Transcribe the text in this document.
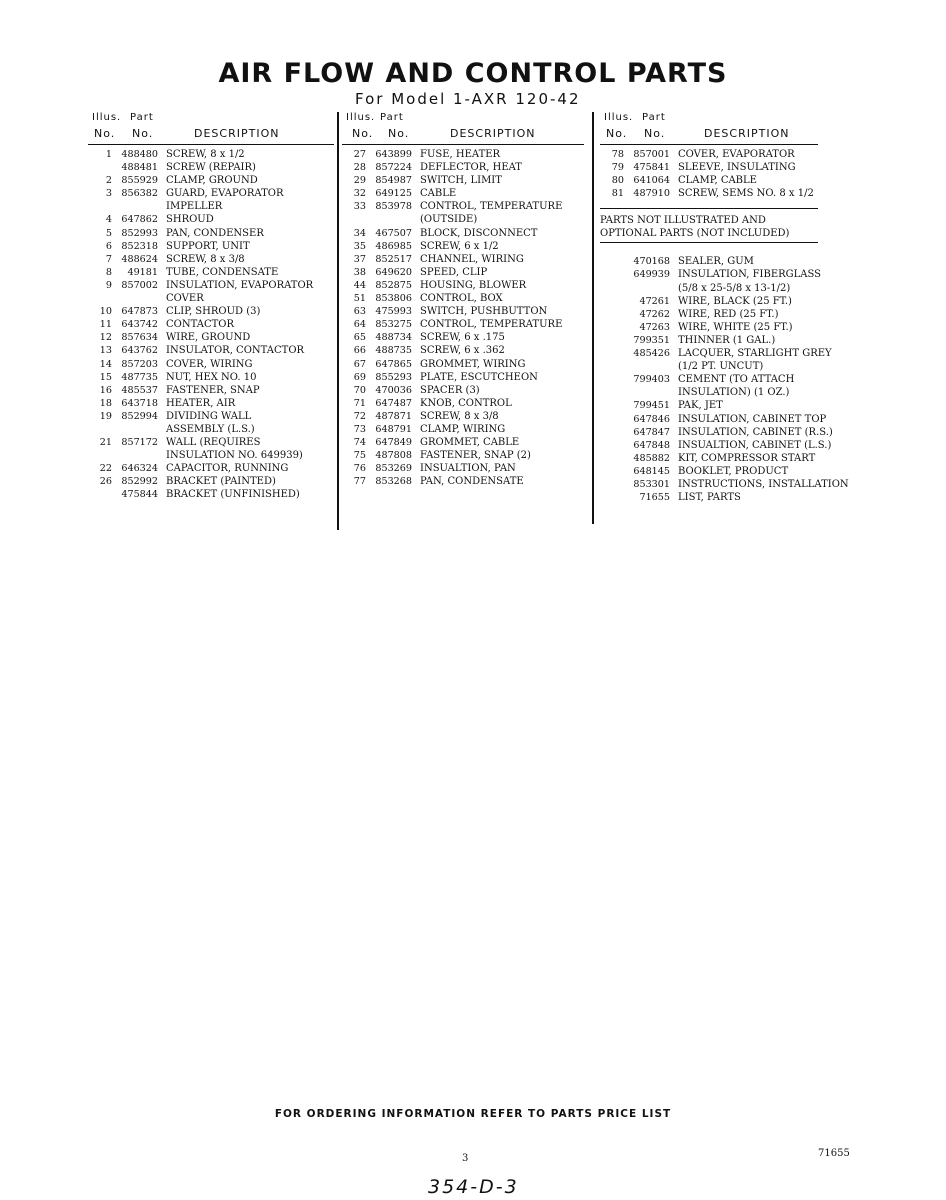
AIR FLOW AND CONTROL PARTS
For Model 1-AXR 120-42
Illus. Part
No. No.	DESCRIPTION
1 488480 SCREW, 8 x 1/2
488481 SCREW (REPAIR)
2 855929 CLAMP, GROUND
3 856382 GUARD, EVAPORATOR
IMPELLER
4 647862 SHROUD
5 852993 PAN, CONDENSER
6 852318 SUPPORT, UNIT
7 488624 SCREW, 8 x 3/8
8	49181 TUBE, CONDENSATE
9 857002 INSULATION, EVAPORATOR
COVER
10 647873 CLIP, SHROUD (3)
11 643742 CONTACTOR
12 857634 WIRE, GROUND
13 643762 INSULATOR, CONTACTOR
14 857203 COVER, WIRING
15 487735 NUT, HEX NO. 10
16 485537 FASTENER, SNAP
18 643718 HEATER, AIR
19 852994 DIVIDING WALL
ASSEMBLY (L.S.)
21 857172 WALL (REQUIRES
INSULATION NO. 649939)
22 646324 CAPACITOR, RUNNING
26 852992 BRACKET (PAINTED)
475844 BRACKET (UNFINISHED)
Illus. Part
No. No.	DESCRIPTION
27 643899 FUSE, HEATER
28 857224 DEFLECTOR, HEAT
29 854987 SWITCH, LIMIT
32 649125 CABLE
33 853978 CONTROL, TEMPERATURE
(OUTSIDE)
34 467507 BLOCK, DISCONNECT
35 486985 SCREW, 6 x 1/2
37 852517 CHANNEL, WIRING
38 649620 SPEED, CLIP
44 852875 HOUSING, BLOWER
51 853806 CONTROL, BOX
63 475993 SWITCH, PUSHBUTTON
64 853275 CONTROL, TEMPERATURE
65 488734 SCREW, 6 x .175
66 488735 SCREW, 6 x .362
67 647865 GROMMET, WIRING
69 855293 PLATE, ESCUTCHEON
70 470036 SPACER (3)
71 647487 KNOB, CONTROL
72 487871 SCREW, 8 x 3/8
73 648791 CLAMP, WIRING
74 647849 GROMMET, CABLE
75 487808 FASTENER, SNAP (2)
76 853269 INSUALTION, PAN
77 853268 PAN, CONDENSATE
Illus. Part
No. No.	DESCRIPTION
78 857001 COVER, EVAPORATOR
79 475841 SLEEVE, INSULATING
80 641064 CLAMP, CABLE
81 487910 SCREW, SEMS NO. 8 x 1/2
PARTS NOT ILLUSTRATED AND
OPTIONAL PARTS (NOT INCLUDED)
470168 SEALER, GUM
649939 INSULATION, FIBERGLASS
(5/8 x 25-5/8 x 13-1/2)
47261 WIRE, BLACK (25 FT.)
47262 WIRE, RED (25 FT.)
47263 WIRE, WHITE (25 FT.)
799351 THINNER (1 GAL.)
485426 LACQUER, STARLIGHT GREY
(1/2 PT. UNCUT)
799403 CEMENT (TO ATTACH
INSULATION) (1 OZ.)
799451 PAK, JET
647846 INSULATION, CABINET TOP
647847 INSULATION, CABINET (R.S.)
647848 INSUALTION, CABINET (L.S.)
485882 KIT, COMPRESSOR START
648145 BOOKLET, PRODUCT
853301 INSTRUCTIONS, INSTALLATION
71655 LIST, PARTS
FOR ORDERING INFORMATION REFER TO PARTS PRICE LIST
3	71655
354-D-3
